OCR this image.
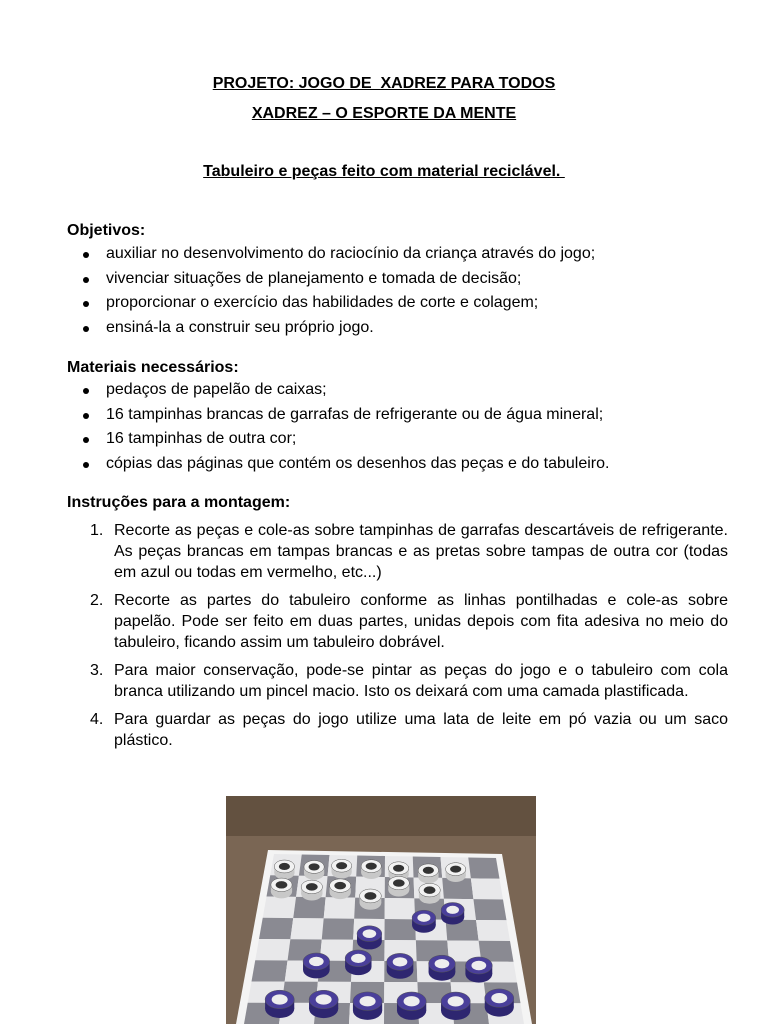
PROJETO: JOGO DE  XADREZ PARA TODOS
XADREZ – O ESPORTE DA MENTE
Tabuleiro e peças feito com material reciclável.
Objetivos:
auxiliar no desenvolvimento do raciocínio da criança através do jogo;
vivenciar situações de planejamento e tomada de decisão;
proporcionar o exercício das habilidades de corte e colagem;
ensiná-la a construir seu próprio jogo.
Materiais necessários:
pedaços de papelão de caixas;
16 tampinhas brancas de garrafas de refrigerante ou de água mineral;
16 tampinhas de outra cor;
cópias das páginas que contém os desenhos das peças e do tabuleiro.
Instruções para a montagem:
1. Recorte as peças e cole-as sobre tampinhas de garrafas descartáveis de refrigerante. As peças brancas em tampas brancas e as pretas sobre tampas de outra cor (todas em azul ou todas em vermelho, etc...)
2. Recorte as partes do tabuleiro conforme as linhas pontilhadas e cole-as sobre papelão. Pode ser feito em duas partes, unidas depois com fita adesiva no meio do tabuleiro, ficando assim um tabuleiro dobrável.
3. Para maior conservação, pode-se pintar as peças do jogo e o tabuleiro com cola branca utilizando um pincel macio. Isto os deixará com uma camada plastificada.
4. Para guardar as peças do jogo utilize uma lata de leite em pó vazia ou um saco plástico.
